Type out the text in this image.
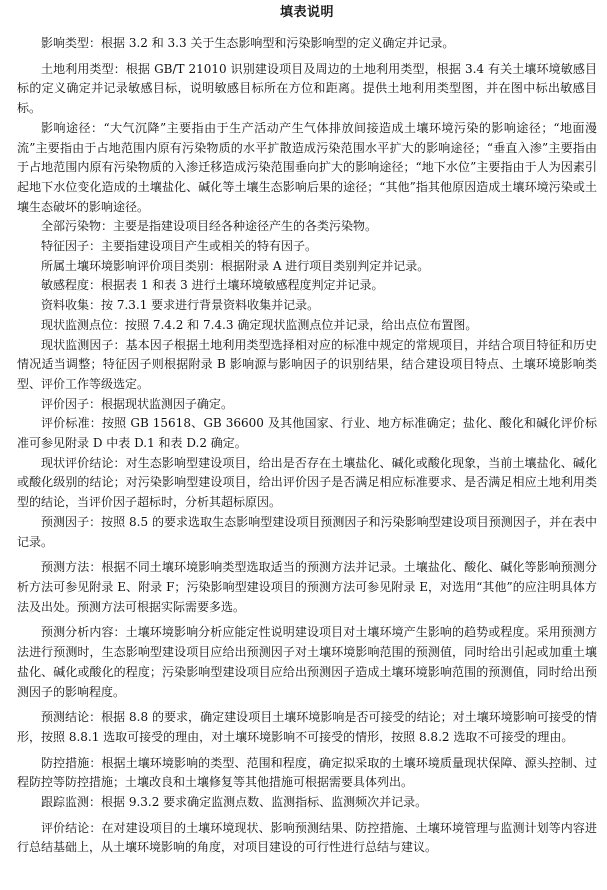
填表说明

影响类型：根据 3.2 和 3.3 关于生态影响型和污染影响型的定义确定并记录。

土地利用类型：根据 GB/T 21010 识别建设项目及周边的土地利用类型，根据 3.4 有关土壤环境敏感目标的定义确定并记录敏感目标，说明敏感目标所在方位和距离。提供土地利用类型图，并在图中标出敏感目标。

影响途径：“大气沉降”主要指由于生产活动产生气体排放间接造成土壤环境污染的影响途径；“地面漫流”主要指由于占地范围内原有污染物质的水平扩散造成污染范围水平扩大的影响途径；“垂直入渗”主要指由于占地范围内原有污染物质的入渗迁移造成污染范围垂向扩大的影响途径；“地下水位”主要指由于人为因素引起地下水位变化造成的土壤盐化、碱化等土壤生态影响后果的途径；“其他”指其他原因造成土壤环境污染或土壤生态破坏的影响途径。

全部污染物：主要是指建设项目经各种途径产生的各类污染物。

特征因子：主要指建设项目产生或相关的特有因子。

所属土壤环境影响评价项目类别：根据附录 A 进行项目类别判定并记录。

敏感程度：根据表 1 和表 3 进行土壤环境敏感程度判定并记录。

资料收集：按 7.3.1 要求进行背景资料收集并记录。

现状监测点位：按照 7.4.2 和 7.4.3 确定现状监测点位并记录，给出点位布置图。

现状监测因子：基本因子根据土地利用类型选择相对应的标准中规定的常规项目，并结合项目特征和历史情况适当调整；特征因子则根据附录 B 影响源与影响因子的识别结果，结合建设项目特点、土壤环境影响类型、评价工作等级选定。

评价因子：根据现状监测因子确定。

评价标准：按照 GB 15618、GB 36600 及其他国家、行业、地方标准确定；盐化、酸化和碱化评价标准可参见附录 D 中表 D.1 和表 D.2 确定。

现状评价结论：对生态影响型建设项目，给出是否存在土壤盐化、碱化或酸化现象，当前土壤盐化、碱化或酸化级别的结论；对污染影响型建设项目，给出评价因子是否满足相应标准要求、是否满足相应土地利用类型的结论，当评价因子超标时，分析其超标原因。

预测因子：按照 8.5 的要求选取生态影响型建设项目预测因子和污染影响型建设项目预测因子，并在表中记录。

预测方法：根据不同土壤环境影响类型选取适当的预测方法并记录。土壤盐化、酸化、碱化等影响预测分析方法可参见附录 E、附录 F；污染影响型建设项目的预测方法可参见附录 E，对选用“其他”的应注明具体方法及出处。预测方法可根据实际需要多选。

预测分析内容：土壤环境影响分析应能定性说明建设项目对土壤环境产生影响的趋势或程度。采用预测方法进行预测时，生态影响型建设项目应给出预测因子对土壤环境影响范围的预测值，同时给出引起或加重土壤盐化、碱化或酸化的程度；污染影响型建设项目应给出预测因子造成土壤环境影响范围的预测值，同时给出预测因子的影响程度。

预测结论：根据 8.8 的要求，确定建设项目土壤环境影响是否可接受的结论；对土壤环境影响可接受的情形，按照 8.8.1 选取可接受的理由，对土壤环境影响不可接受的情形，按照 8.8.2 选取不可接受的理由。

防控措施：根据土壤环境影响的类型、范围和程度，确定拟采取的土壤环境质量现状保障、源头控制、过程防控等防控措施；土壤改良和土壤修复等其他措施可根据需要具体列出。

跟踪监测：根据 9.3.2 要求确定监测点数、监测指标、监测频次并记录。

评价结论：在对建设项目的土壤环境现状、影响预测结果、防控措施、土壤环境管理与监测计划等内容进行总结基础上，从土壤环境影响的角度，对项目建设的可行性进行总结与建议。
